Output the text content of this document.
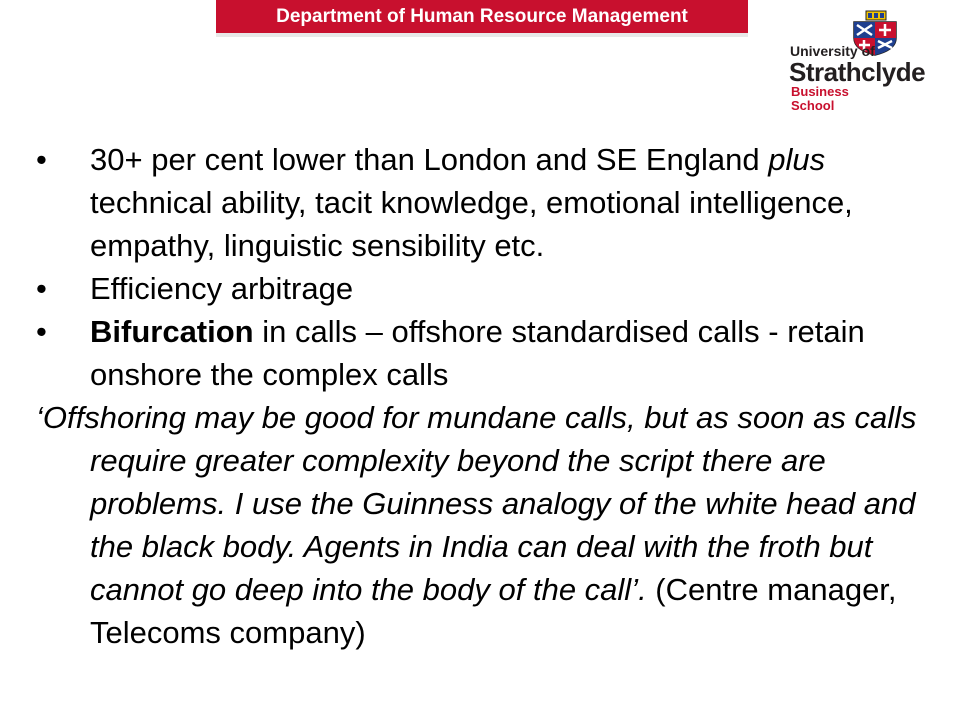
Department of Human Resource Management
University of
Strathclyde
Business
School
•	30+ per cent lower than London and SE England plus technical ability, tacit knowledge, emotional intelligence, empathy, linguistic sensibility etc.
•	Efficiency arbitrage
•	Bifurcation in calls – offshore standardised calls - retain onshore the complex calls
‘Offshoring may be good for mundane calls, but as soon as calls require greater complexity beyond the script there are problems. I use the Guinness analogy of the white head and the black body. Agents in India can deal with the froth but cannot go deep into the body of the call’. (Centre manager, Telecoms company)
